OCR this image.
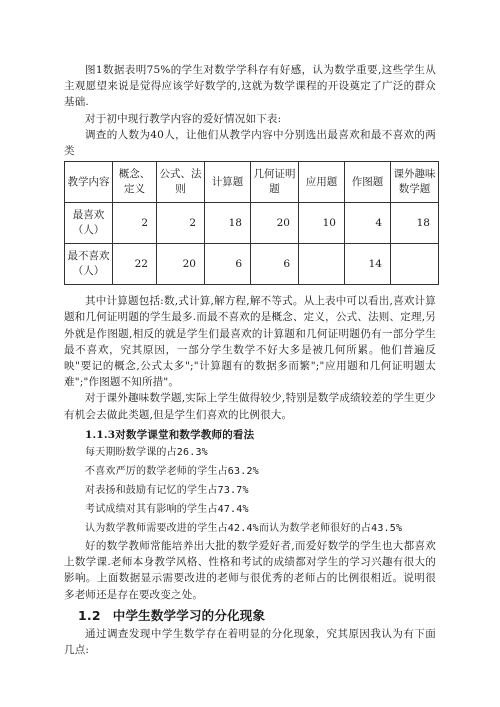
图1数据表明75%的学生对数学学科存有好感，认为数学重要,这些学生从主观愿望来说是觉得应该学好数学的,这就为数学课程的开设奠定了广泛的群众基础.

对于初中现行教学内容的爱好情况如下表:

调查的人数为40人，让他们从教学内容中分别选出最喜欢和最不喜欢的两类

教学内容	概念、定义	公式、法则	计算题	几何证明题	应用题	作图题	课外趣味数学题
最喜欢（人）	2	2	18	20	10	4	18
最不喜欢（人）	22	20	6	6		14	

其中计算题包括:数,式计算,解方程,解不等式。从上表中可以看出,喜欢计算题和几何证明题的学生最多.而最不喜欢的是概念、定义，公式、法则、定理,另外就是作图题,相反的就是学生们最喜欢的计算题和几何证明题仍有一部分学生最不喜欢，究其原因，一部分学生数学不好大多是被几何所累。他们普遍反映"要记的概念,公式太多";"计算题有的数据多而繁";"应用题和几何证明题太难";"作图题不知所措"。

对于课外趣味数学题,实际上学生做得较少,特别是数学成绩较差的学生更少有机会去做此类题,但是学生们喜欢的比例很大。

1.1.3对数学课堂和数学教师的看法

每天期盼数学课的占26.3%

不喜欢严厉的数学老师的学生占63.2%

对表扬和鼓励有记忆的学生占73.7%

考试成绩对其有影响的学生占47.4%

认为数学教师需要改进的学生占42.4%而认为数学老师很好的占43.5%

好的数学教师常能培养出大批的数学爱好者,而爱好数学的学生也大都喜欢上数学课.老师本身教学风格、性格和考试的成绩都对学生的学习兴趣有很大的影响。上面数据显示需要改进的老师与很优秀的老师占的比例很相近。说明很多老师还是存在要改变之处。

1.2 中学生数学学习的分化现象

通过调查发现中学生数学存在着明显的分化现象，究其原因我认为有下面几点:
